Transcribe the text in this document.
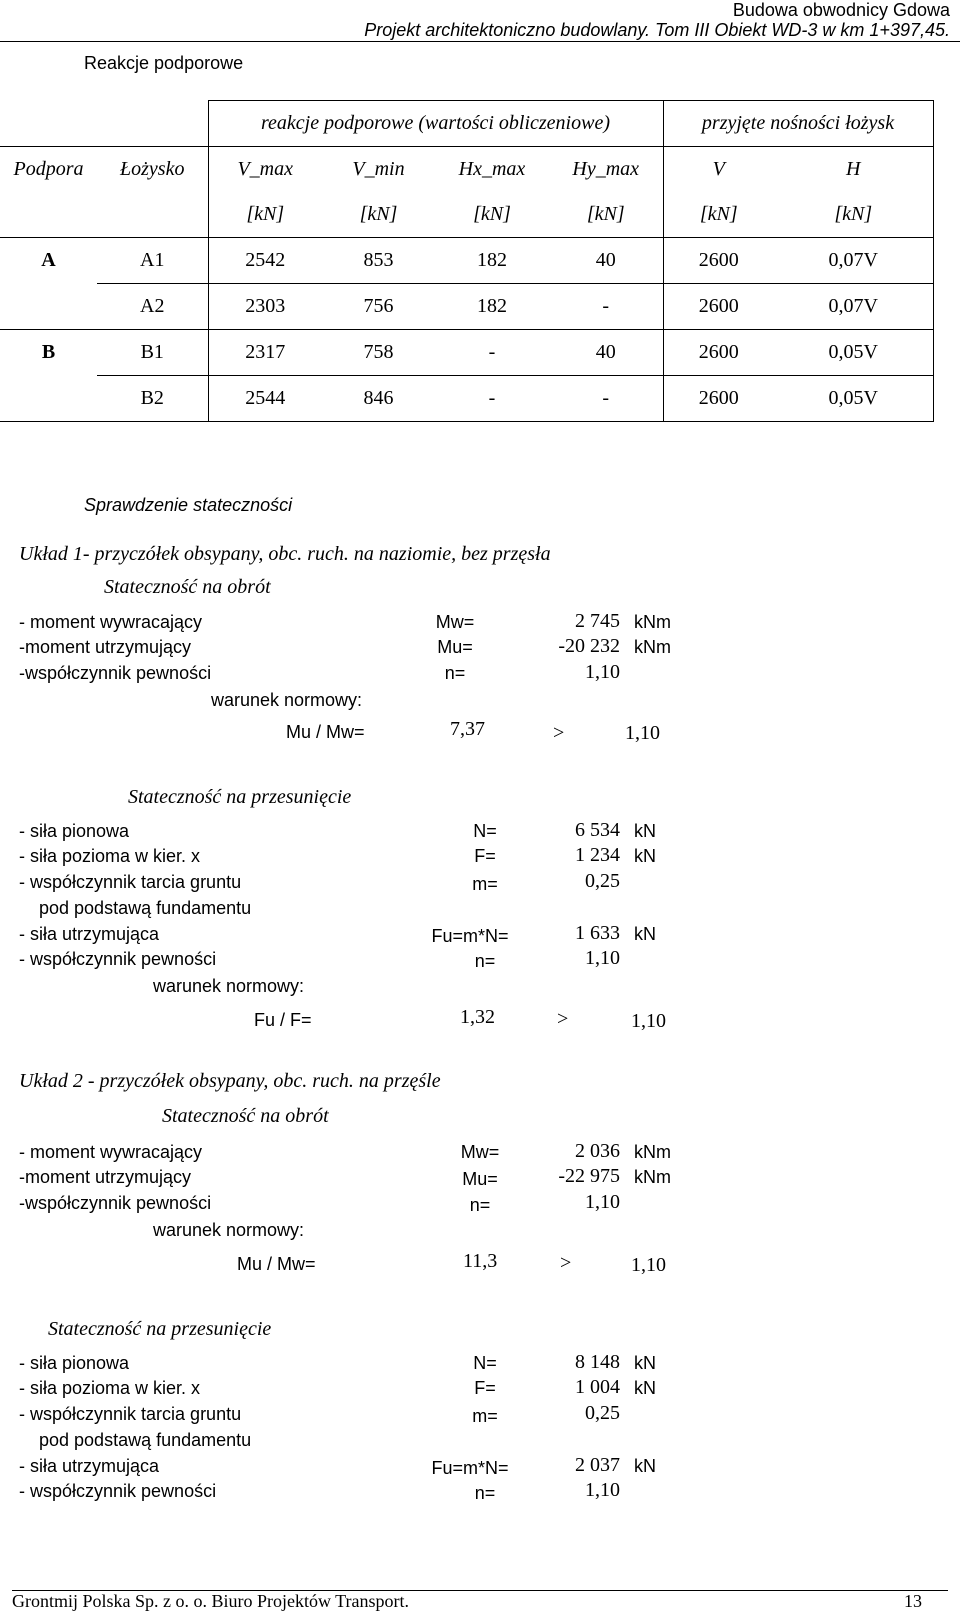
Budowa obwodnicy Gdowa
Projekt architektoniczno budowlany. Tom III Obiekt WD-3 w km 1+397,45.
Reakcje podporowe
		reakcje podporowe (wartości obliczeniowe)				przyjęte nośności łożysk	
Podpora	Łożysko	V_max	V_min	Hx_max	Hy_max	V	H
		[kN]	[kN]	[kN]	[kN]	[kN]	[kN]
A	A1	2542	853	182	40	2600	0,07V
	A2	2303	756	182	-	2600	0,07V
B	B1	2317	758	-	40	2600	0,05V
	B2	2544	846	-	-	2600	0,05V
Sprawdzenie stateczności
Układ 1- przyczółek obsypany, obc. ruch. na naziomie, bez przęsła
Stateczność na obrót
- moment wywracający	Mw=	2 745 kNm
-moment utrzymujący	Mu=	-20 232 kNm
-współczynnik pewności	n=	1,10
warunek normowy:
Mu / Mw=	7,37	>	1,10
Stateczność na przesunięcie
- siła pionowa	N=	6 534 kN
- siła pozioma w kier. x	F=	1 234 kN
- współczynnik tarcia gruntu	m=	0,25
pod podstawą fundamentu
- siła utrzymująca	Fu=m*N=	1 633 kN
- współczynnik pewności	n=	1,10
warunek normowy:
Fu / F=	1,32	>	1,10
Układ 2 - przyczółek obsypany, obc. ruch. na przęśle
Stateczność na obrót
- moment wywracający	Mw=	2 036 kNm
-moment utrzymujący	Mu=	-22 975 kNm
-współczynnik pewności	n=	1,10
warunek normowy:
Mu / Mw=	11,3	>	1,10
Stateczność na przesunięcie
- siła pionowa	N=	8 148 kN
- siła pozioma w kier. x	F=	1 004 kN
- współczynnik tarcia gruntu	m=	0,25
pod podstawą fundamentu
- siła utrzymująca	Fu=m*N=	2 037 kN
- współczynnik pewności	n=	1,10
Grontmij Polska Sp. z o. o. Biuro Projektów Transport.	13
